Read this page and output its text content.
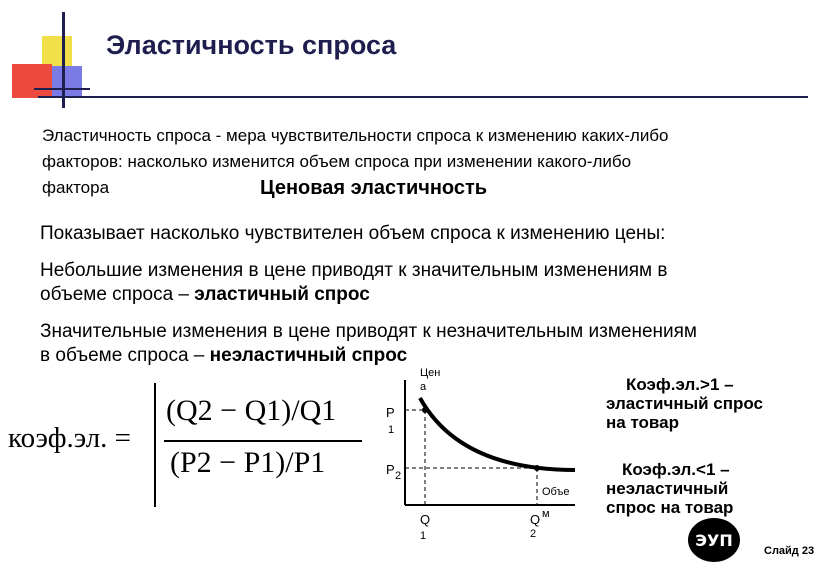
Эластичность спроса
Эластичность спроса - мера чувствительности спроса к изменению каких-либо
факторов: насколько изменится объем спроса при изменении какого-либо
фактора	Ценовая эластичность
Показывает насколько чувствителен объем спроса к изменению цены:
Небольшие изменения в цене приводят к значительным изменениям в
объеме спроса – эластичный спрос
Значительные изменения в цене приводят к незначительным изменениям
в объеме спроса – неэластичный спрос
коэф.эл. =
(Q2 − Q1)/Q1
(P2 − P1)/P1
Цен
а
P
1
P 2
Q
1
Q
2
Объе
м
Коэф.эл.>1 –
эластичный спрос
на товар
Коэф.эл.<1 –
неэластичный
спрос на товар
ЭУП
Слайд 23
